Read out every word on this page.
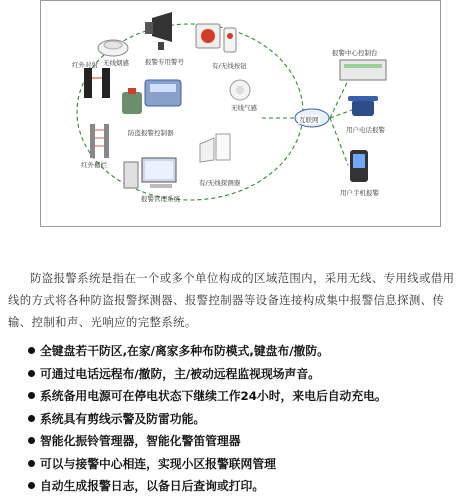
无线烟感 报警专用警号	有/无线按钮
红外对射
红外栅栏
防盗报警控制器
无线气感
互联网
报警中心控制台
用户电话报警
有/无线探测器
报警管理系统
用户手机报警

防盗报警系统是指在一个或多个单位构成的区域范围内，采用无线、专用线或借用线的方式将各种防盗报警探测器、报警控制器等设备连接构成集中报警信息探测、传输、控制和声、光响应的完整系统。

全键盘若干防区,在家/离家多种布防模式,键盘布/撤防。
可通过电话远程布/撤防，主/被动远程监视现场声音。
系统备用电源可在停电状态下继续工作24小时，来电后自动充电。
系统具有剪线示警及防雷功能。
智能化振铃管理器，智能化警笛管理器
可以与接警中心相连，实现小区报警联网管理
自动生成报警日志，以备日后查询或打印。
